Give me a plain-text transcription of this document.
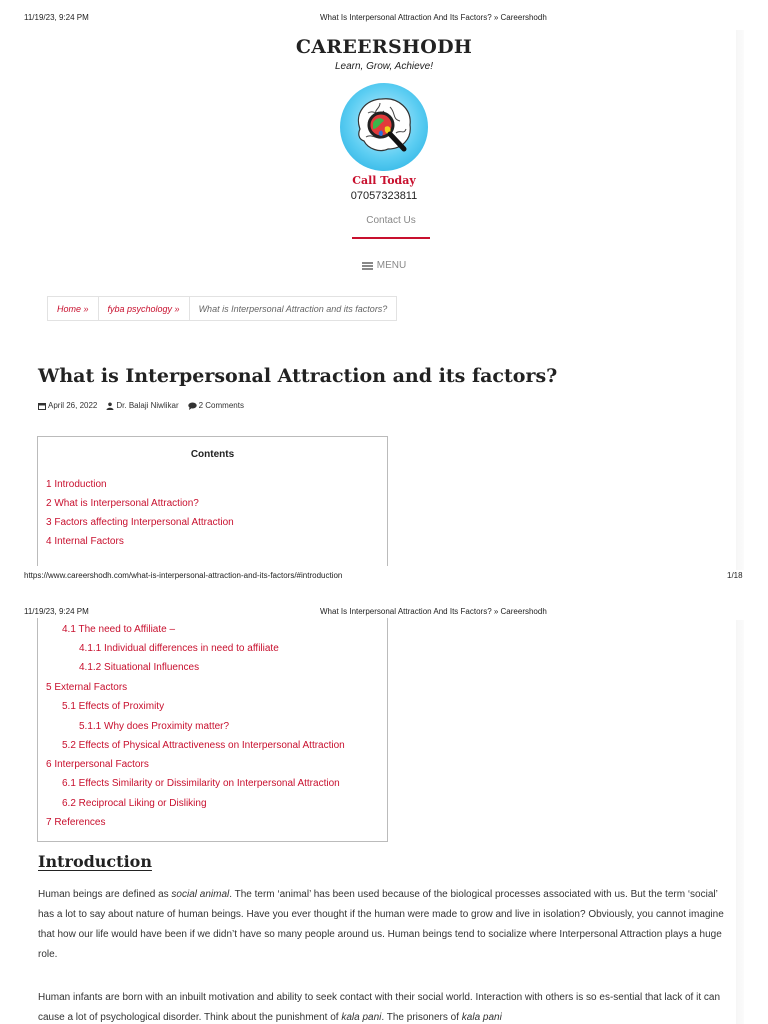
11/19/23, 9:24 PM	What Is Interpersonal Attraction And Its Factors? » Careershodh
CAREERSHODH
Learn, Grow, Achieve!
Call Today
07057323811
Contact Us
MENU
Home » fyba psychology » What is Interpersonal Attraction and its factors?
What is Interpersonal Attraction and its factors?
April 26, 2022 Dr. Balaji Niwlikar	2 Comments
Contents
1 Introduction
2 What is Interpersonal Attraction?
3 Factors affecting Interpersonal Attraction
4 Internal Factors
https://www.careershodh.com/what-is-interpersonal-attraction-and-its-factors/#introduction	1/18
11/19/23, 9:24 PM	What Is Interpersonal Attraction And Its Factors? » Careershodh
4.1 The need to Affiliate –
4.1.1 Individual differences in need to affiliate
4.1.2 Situational Influences
5 External Factors
5.1 Effects of Proximity
5.1.1 Why does Proximity matter?
5.2 Effects of Physical Attractiveness on Interpersonal Attraction
6 Interpersonal Factors
6.1 Effects Similarity or Dissimilarity on Interpersonal Attraction
6.2 Reciprocal Liking or Disliking
7 References
Introduction

Human beings are defined as social animal. The term ‘animal’ has been used because of the biological processes associated with us. But the term ‘social’ has a lot to say about nature of human beings. Have you ever thought if the human were made to grow and live in isolation? Obviously, you cannot imagine that how our life would have been if we didn’t have so many people around us. Human beings tend to socialize where Interpersonal Attraction plays a huge role.

Human infants are born with an inbuilt motivation and ability to seek contact with their social world. Interaction with others is so es-sential that lack of it can cause a lot of psychological disorder. Think about the punishment of kala pani. The prisoners of kala pani
